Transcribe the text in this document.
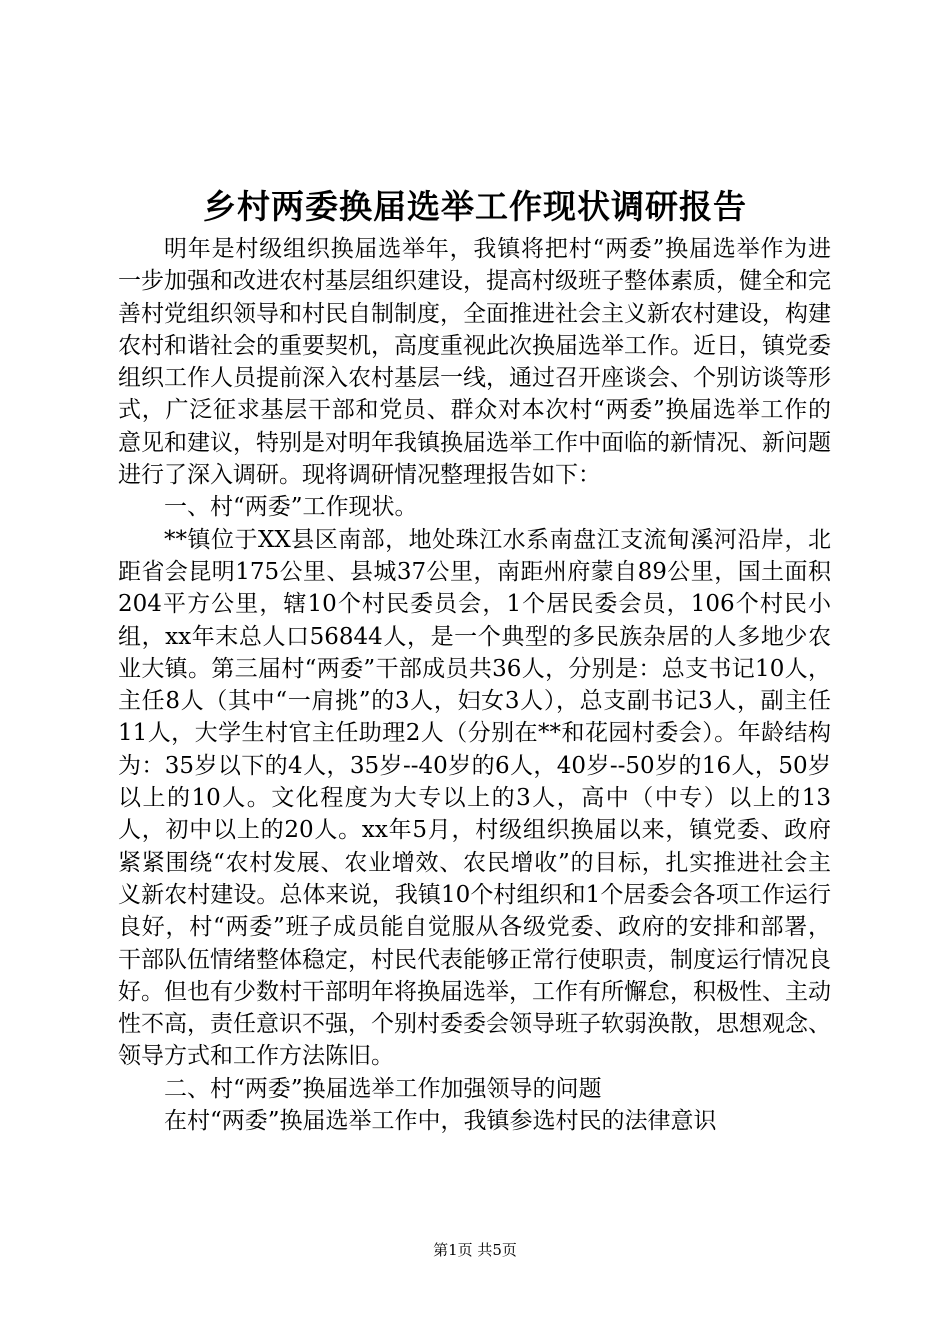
乡村两委换届选举工作现状调研报告

明年是村级组织换届选举年，我镇将把村“两委”换届选举作为进一步加强和改进农村基层组织建设，提高村级班子整体素质，健全和完善村党组织领导和村民自制制度，全面推进社会主义新农村建设，构建农村和谐社会的重要契机，高度重视此次换届选举工作。近日，镇党委组织工作人员提前深入农村基层一线，通过召开座谈会、个别访谈等形式，广泛征求基层干部和党员、群众对本次村“两委”换届选举工作的意见和建议，特别是对明年我镇换届选举工作中面临的新情况、新问题进行了深入调研。现将调研情况整理报告如下：

一、村“两委”工作现状。

**镇位于XX县区南部，地处珠江水系南盘江支流甸溪河沿岸，北距省会昆明175公里、县城37公里，南距州府蒙自89公里，国土面积204平方公里，辖10个村民委员会，1个居民委会员，106个村民小组，xx年末总人口56844人，是一个典型的多民族杂居的人多地少农业大镇。第三届村“两委”干部成员共36人，分别是：总支书记10人，主任8人（其中“一肩挑”的3人，妇女3人），总支副书记3人，副主任11人，大学生村官主任助理2人（分别在**和花园村委会）。年龄结构为：35岁以下的4人，35岁--40岁的6人，40岁--50岁的16人，50岁以上的10人。文化程度为大专以上的3人，高中（中专）以上的13人，初中以上的20人。xx年5月，村级组织换届以来，镇党委、政府紧紧围绕“农村发展、农业增效、农民增收”的目标，扎实推进社会主义新农村建设。总体来说，我镇10个村组织和1个居委会各项工作运行良好，村“两委”班子成员能自觉服从各级党委、政府的安排和部署，干部队伍情绪整体稳定，村民代表能够正常行使职责，制度运行情况良好。但也有少数村干部明年将换届选举，工作有所懈怠，积极性、主动性不高，责任意识不强，个别村委委会领导班子软弱涣散，思想观念、领导方式和工作方法陈旧。

二、村“两委”换届选举工作加强领导的问题

在村“两委”换届选举工作中，我镇参选村民的法律意识

第1页 共5页
